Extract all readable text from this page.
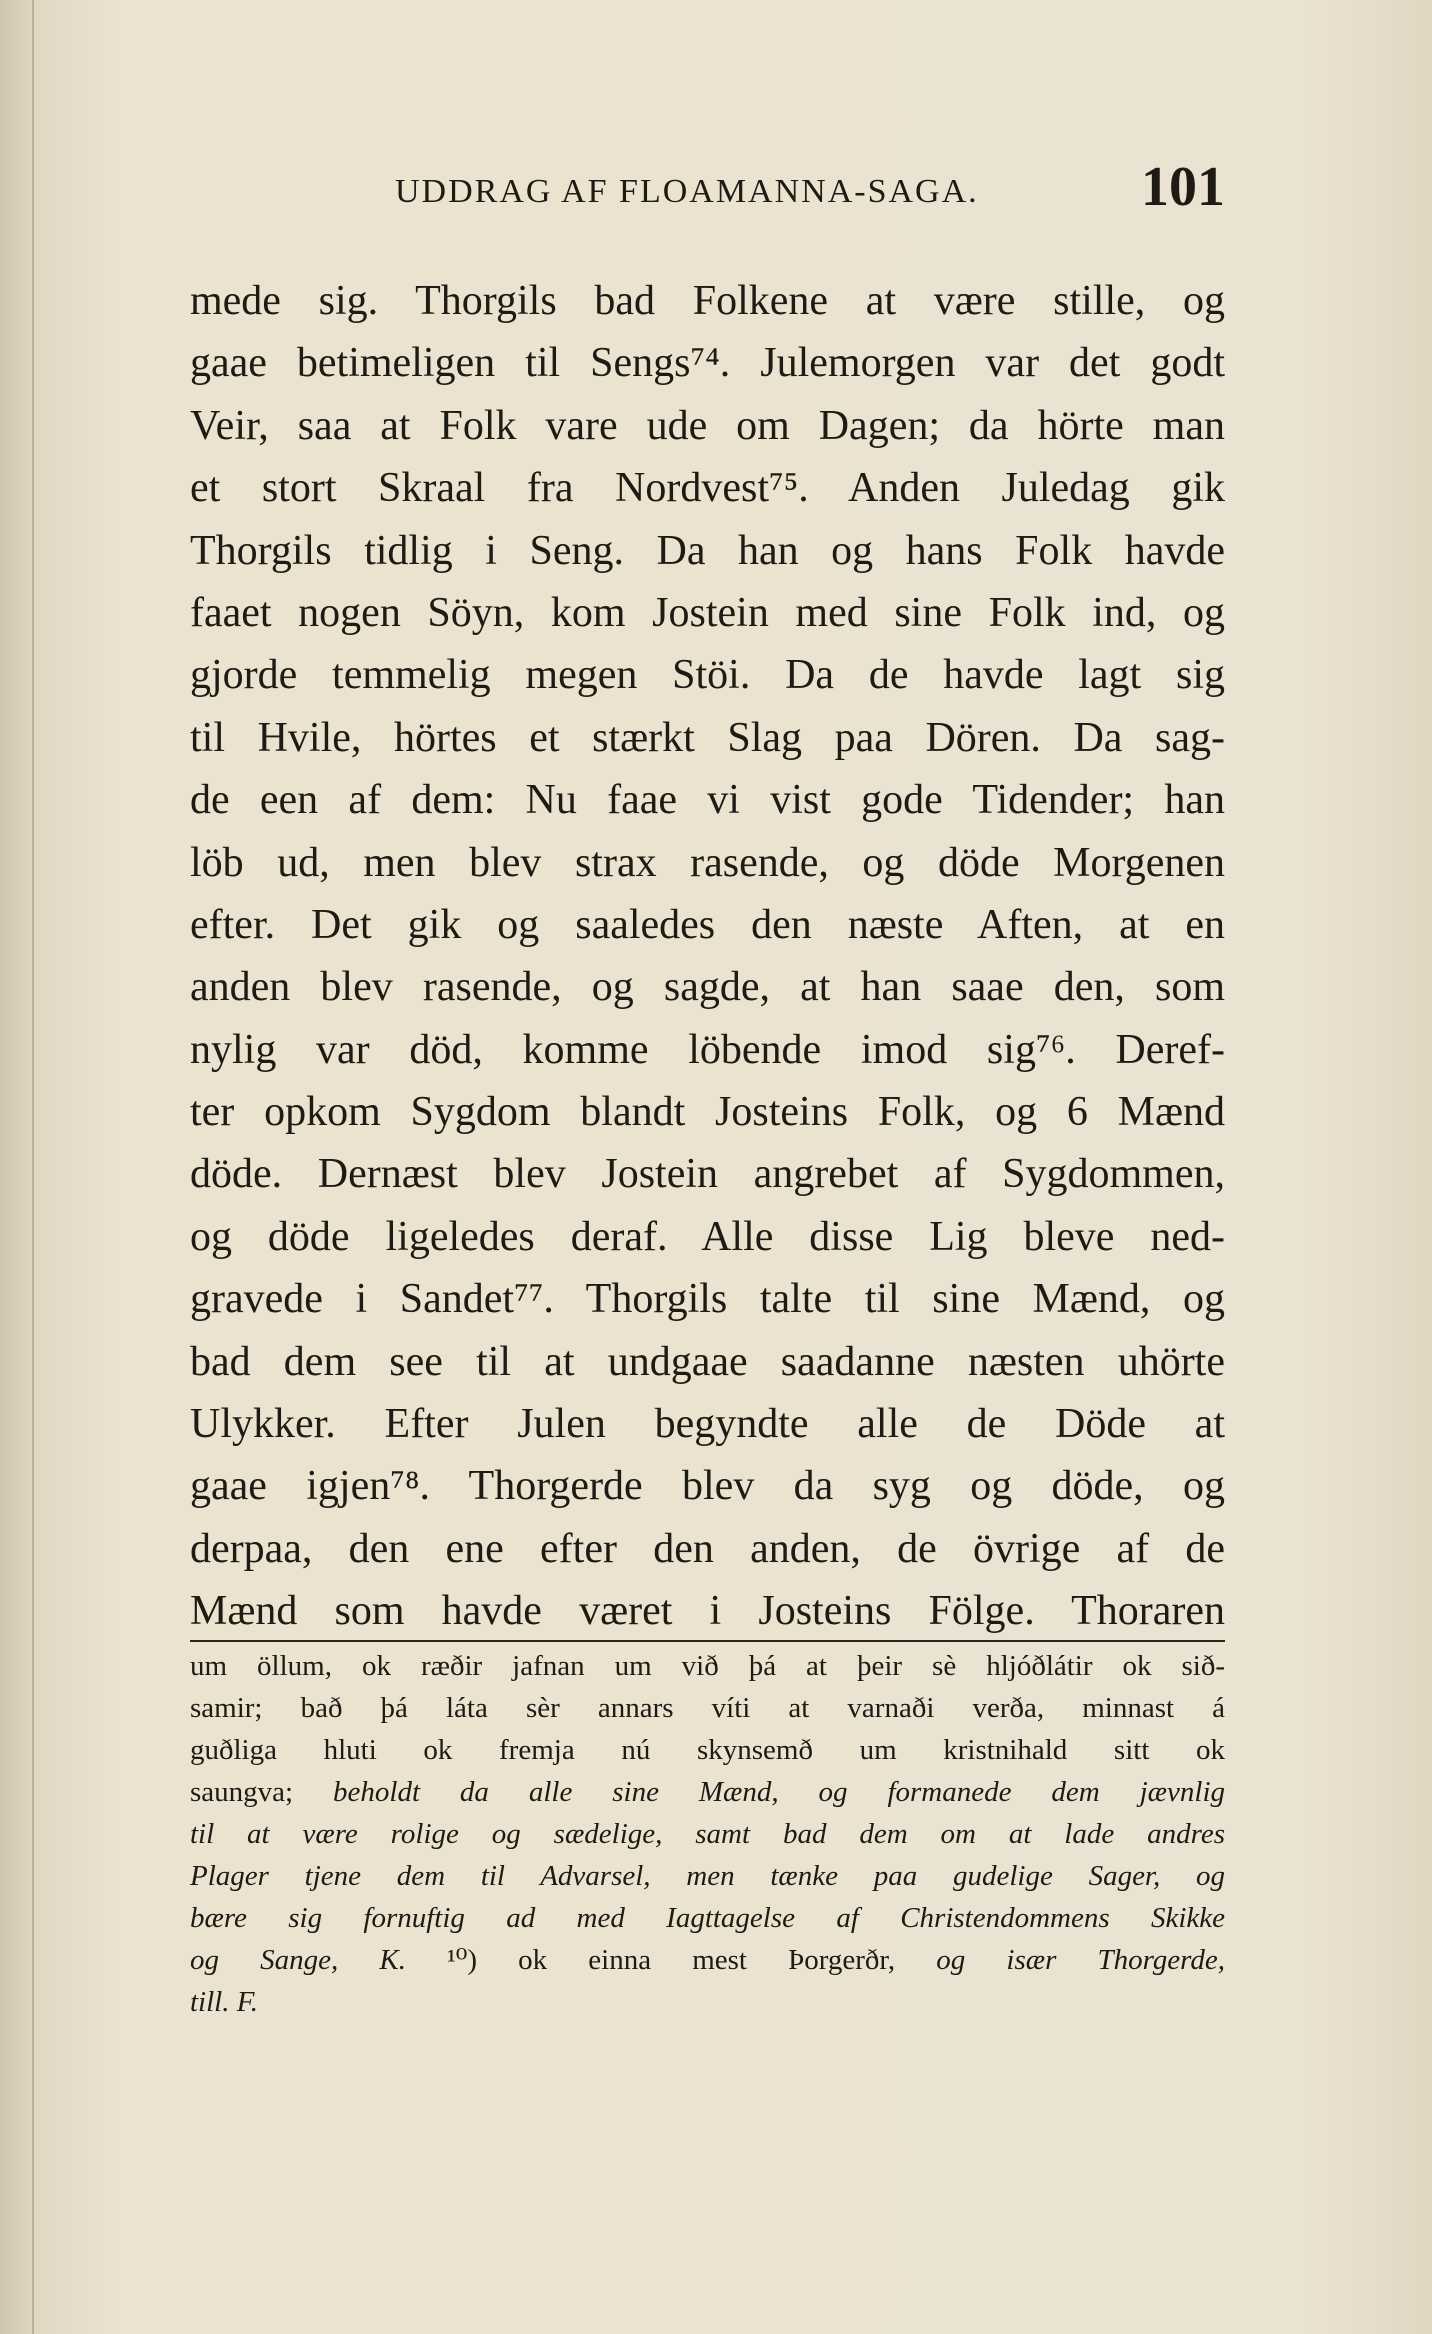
UDDRAG AF FLOAMANNA-SAGA.	101
mede sig. Thorgils bad Folkene at være stille, og
gaae betimeligen til Sengs⁷⁴. Julemorgen var det godt
Veir, saa at Folk vare ude om Dagen; da hörte man
et stort Skraal fra Nordvest⁷⁵. Anden Juledag gik
Thorgils tidlig i Seng. Da han og hans Folk havde
faaet nogen Söyn, kom Jostein med sine Folk ind, og
gjorde temmelig megen Stöi. Da de havde lagt sig
til Hvile, hörtes et stærkt Slag paa Dören. Da sag-
de een af dem: Nu faae vi vist gode Tidender; han
löb ud, men blev strax rasende, og döde Morgenen
efter. Det gik og saaledes den næste Aften, at en
anden blev rasende, og sagde, at han saae den, som
nylig var död, komme löbende imod sig⁷⁶. Deref-
ter opkom Sygdom blandt Josteins Folk, og 6 Mænd
döde. Dernæst blev Jostein angrebet af Sygdommen,
og döde ligeledes deraf. Alle disse Lig bleve ned-
gravede i Sandet⁷⁷. Thorgils talte til sine Mænd, og
bad dem see til at undgaae saadanne næsten uhörte
Ulykker. Efter Julen begyndte alle de Döde at
gaae igjen⁷⁸. Thorgerde blev da syg og döde, og
derpaa, den ene efter den anden, de övrige af de
Mænd som havde været i Josteins Fölge. Thoraren
um öllum, ok ræðir jafnan um við þá at þeir sè hljóðlátir ok sið-
samir; bað þá láta sèr annars víti at varnaði verða, minnast á
guðliga hluti ok fremja nú skynsemð um kristnihald sitt ok
saungva; beholdt da alle sine Mænd, og formanede dem jævnlig
til at være rolige og sædelige, samt bad dem om at lade andres
Plager tjene dem til Advarsel, men tænke paa gudelige Sager, og
bære sig fornuftig ad med Iagttagelse af Christendommens Skikke
og Sange, K. ¹⁰) ok einna mest Þorgerðr, og især Thorgerde,
till. F.
